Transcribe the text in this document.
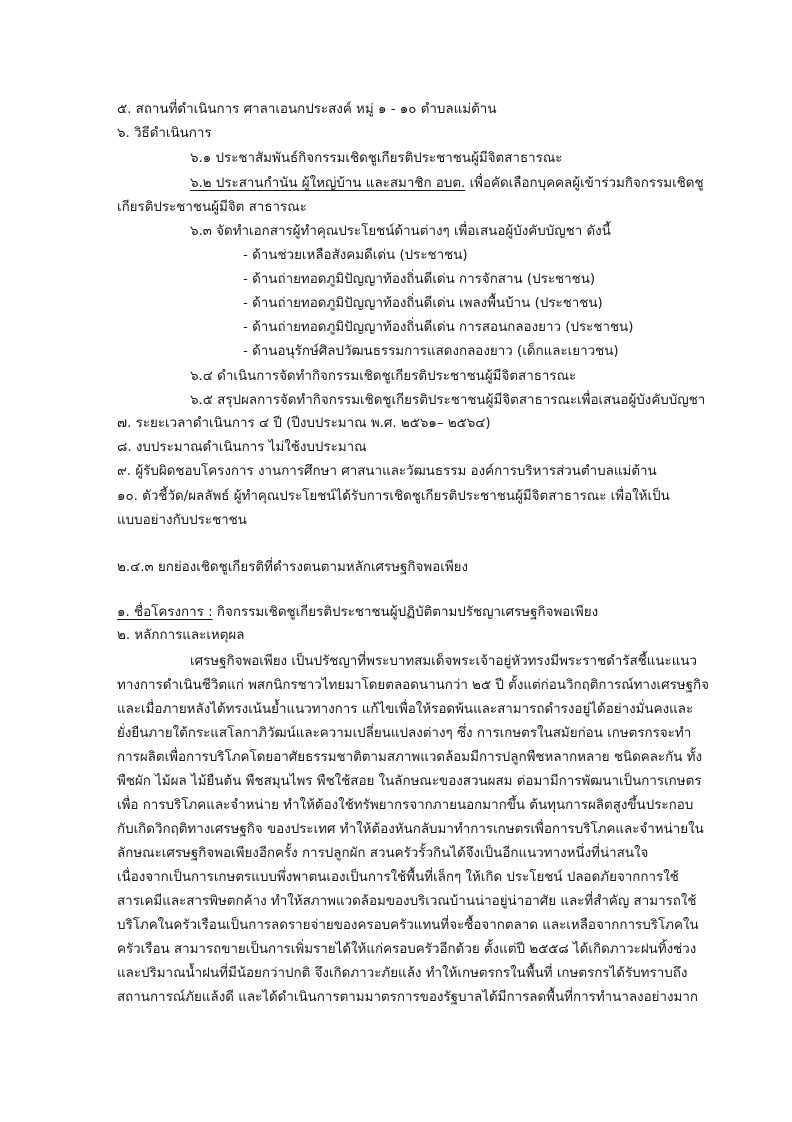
๕. สถานที่ดำเนินการ ศาลาเอนกประสงค์ หมู่ ๑ - ๑๐ ตำบลแม่ต้าน

๖. วิธีดำเนินการ

๖.๑ ประชาสัมพันธ์กิจกรรมเชิดชูเกียรติประชาชนผู้มีจิตสาธารณะ

๖.๒ ประสานกำนัน ผู้ใหญ่บ้าน และสมาชิก อบต. เพื่อคัดเลือกบุคคลผู้เข้าร่วมกิจกรรมเชิดชู

เกียรติประชาชนผู้มีจิต สาธารณะ

๖.๓ จัดทำเอกสารผู้ทำคุณประโยชน์ด้านต่างๆ เพื่อเสนอผู้บังคับบัญชา ดังนี้

- ด้านช่วยเหลือสังคมดีเด่น (ประชาชน)

- ด้านถ่ายทอดภูมิปัญญาท้องถิ่นดีเด่น การจักสาน (ประชาชน)

- ด้านถ่ายทอดภูมิปัญญาท้องถิ่นดีเด่น เพลงพื้นบ้าน (ประชาชน)

- ด้านถ่ายทอดภูมิปัญญาท้องถิ่นดีเด่น การสอนกลองยาว (ประชาชน)

- ด้านอนุรักษ์ศิลปวัฒนธรรมการแสดงกลองยาว (เด็กและเยาวชน)

๖.๔ ดำเนินการจัดทำกิจกรรมเชิดชูเกียรติประชาชนผู้มีจิตสาธารณะ

๖.๕ สรุปผลการจัดทำกิจกรรมเชิดชูเกียรติประชาชนผู้มีจิตสาธารณะเพื่อเสนอผู้บังคับบัญชา

๗. ระยะเวลาดำเนินการ ๔ ปี (ปีงบประมาณ พ.ศ. ๒๕๖๑– ๒๕๖๔)

๘. งบประมาณดำเนินการ ไม่ใช้งบประมาณ

๙. ผู้รับผิดชอบโครงการ งานการศึกษา ศาสนาและวัฒนธรรม องค์การบริหารส่วนตำบลแม่ต้าน

๑๐. ตัวชี้วัด/ผลลัพธ์ ผู้ทำคุณประโยชน์ได้รับการเชิดชูเกียรติประชาชนผู้มีจิตสาธารณะ เพื่อให้เป็น

แบบอย่างกับประชาชน

๒.๔.๓ ยกย่องเชิดชูเกียรติที่ดำรงตนตามหลักเศรษฐกิจพอเพียง

๑. ชื่อโครงการ : กิจกรรมเชิดชูเกียรติประชาชนผู้ปฏิบัติตามปรัชญาเศรษฐกิจพอเพียง

๒. หลักการและเหตุผล

เศรษฐกิจพอเพียง เป็นปรัชญาที่พระบาทสมเด็จพระเจ้าอยู่หัวทรงมีพระราชดำรัสชี้แนะแนว

ทางการดำเนินชีวิตแก่ พสกนิกรชาวไทยมาโดยตลอดนานกว่า ๒๕ ปี ตั้งแต่ก่อนวิกฤติการณ์ทางเศรษฐกิจ

และเมื่อภายหลังได้ทรงเน้นย้ำแนวทางการ แก้ไขเพื่อให้รอดพ้นและสามารถดำรงอยู่ได้อย่างมั่นคงและ

ยั่งยืนภายใต้กระแสโลกาภิวัฒน์และความเปลี่ยนแปลงต่างๆ ซึ่ง การเกษตรในสมัยก่อน เกษตรกรจะทำ

การผลิตเพื่อการบริโภคโดยอาศัยธรรมชาติตามสภาพแวดล้อมมีการปลูกพืชหลากหลาย ชนิดคละกัน ทั้ง

พืชผัก ไม้ผล ไม้ยืนต้น พืชสมุนไพร พืชใช้สอย ในลักษณะของสวนผสม ต่อมามีการพัฒนาเป็นการเกษตร

เพื่อ การบริโภคและจำหน่าย ทำให้ต้องใช้ทรัพยากรจากภายนอกมากขึ้น ต้นทุนการผลิตสูงขึ้นประกอบ

กับเกิดวิกฤติทางเศรษฐกิจ ของประเทศ ทำให้ต้องหันกลับมาทำการเกษตรเพื่อการบริโภคและจำหน่ายใน

ลักษณะเศรษฐกิจพอเพียงอีกครั้ง การปลูกผัก สวนครัวรั้วกินได้จึงเป็นอีกแนวทางหนึ่งที่น่าสนใจ

เนื่องจากเป็นการเกษตรแบบพึ่งพาตนเองเป็นการใช้พื้นที่เล็กๆ ให้เกิด ประโยชน์ ปลอดภัยจากการใช้

สารเคมีและสารพิษตกค้าง ทำให้สภาพแวดล้อมของบริเวณบ้านน่าอยู่น่าอาศัย และที่สำคัญ สามารถใช้

บริโภคในครัวเรือนเป็นการลดรายจ่ายของครอบครัวแทนที่จะซื้อจากตลาด และเหลือจากการบริโภคใน

ครัวเรือน สามารถขายเป็นการเพิ่มรายได้ให้แก่ครอบครัวอีกด้วย ตั้งแต่ปี ๒๕๕๘ ได้เกิดภาวะฝนทิ้งช่วง

และปริมาณน้ำฝนที่มีน้อยกว่าปกติ จึงเกิดภาวะภัยแล้ง ทำให้เกษตรกรในพื้นที่ เกษตรกรได้รับทราบถึง

สถานการณ์ภัยแล้งดี และได้ดำเนินการตามมาตรการของรัฐบาลได้มีการลดพื้นที่การทำนาลงอย่างมาก
